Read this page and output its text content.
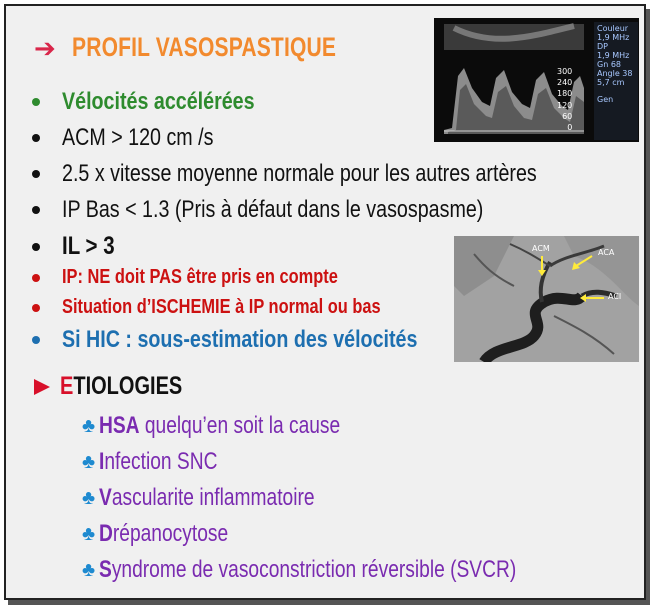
➔ PROFIL VASOSPASTIQUE
300
240
180
120
60
0
Couleur
1,9 MHz
DP
1,9 MHz
Gn 68
Angle 38
5,7 cm
Gen
ACM	ACA
ACI
Vélocités accélérées
ACM > 120 cm /s
2.5 x vitesse moyenne normale pour les autres artères
IP Bas < 1.3 (Pris à défaut dans le vasospasme)
IL > 3
IP: NE doit PAS être pris en compte
Situation d’ISCHEMIE à IP normal ou bas
Si HIC : sous-estimation des vélocités
ETIOLOGIES
♣ HSA quelqu’en soit la cause
♣ Infection SNC
♣ Vascularite inflammatoire
♣ Drépanocytose
♣ Syndrome de vasoconstriction réversible (SVCR)
